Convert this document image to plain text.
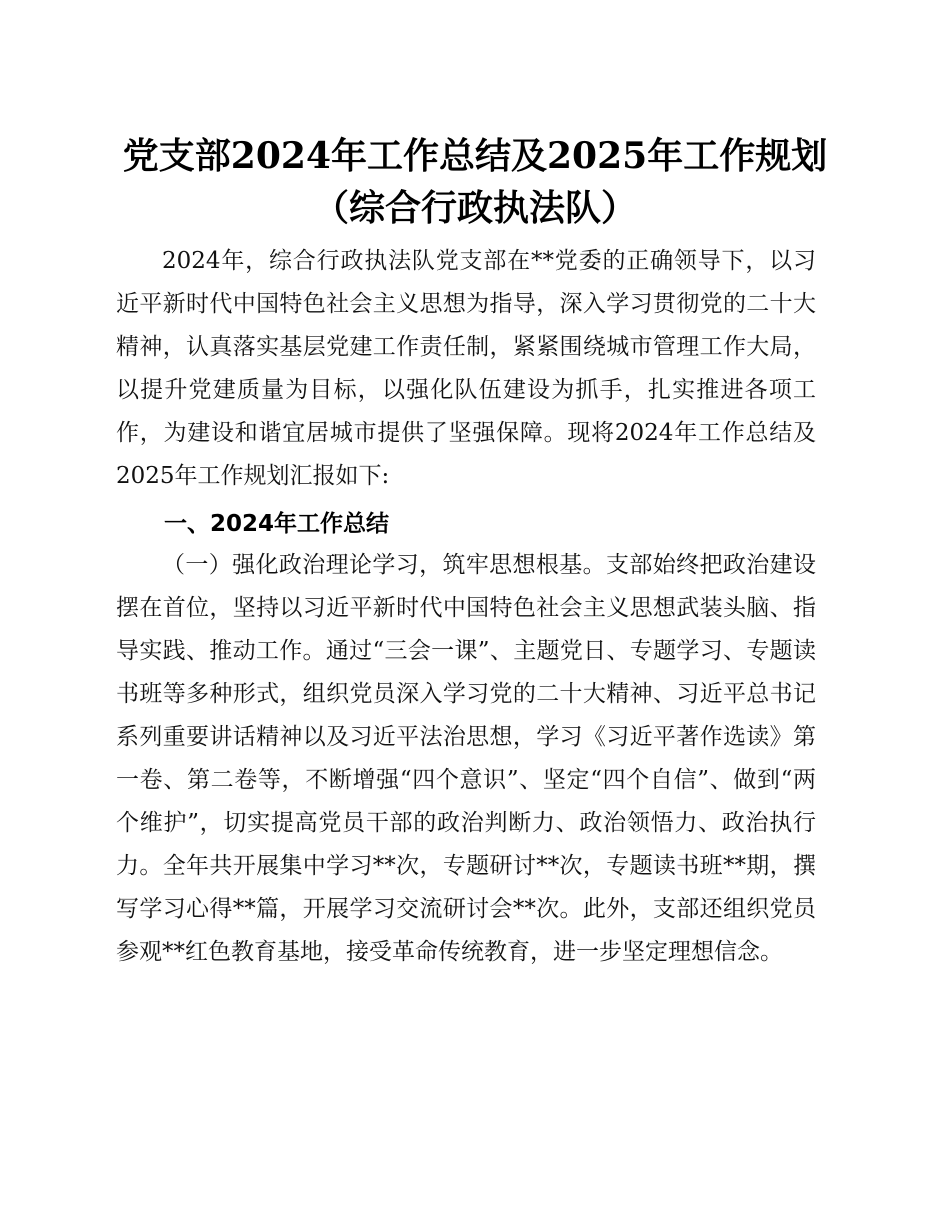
党支部2024年工作总结及2025年工作规划（综合行政执法队）

2024年，综合行政执法队党支部在**党委的正确领导下，以习近平新时代中国特色社会主义思想为指导，深入学习贯彻党的二十大精神，认真落实基层党建工作责任制，紧紧围绕城市管理工作大局，以提升党建质量为目标，以强化队伍建设为抓手，扎实推进各项工作，为建设和谐宜居城市提供了坚强保障。现将2024年工作总结及2025年工作规划汇报如下:

一、2024年工作总结

（一）强化政治理论学习，筑牢思想根基。支部始终把政治建设摆在首位，坚持以习近平新时代中国特色社会主义思想武装头脑、指导实践、推动工作。通过“三会一课”、主题党日、专题学习、专题读书班等多种形式，组织党员深入学习党的二十大精神、习近平总书记系列重要讲话精神以及习近平法治思想，学习《习近平著作选读》第一卷、第二卷等，不断增强“四个意识”、坚定“四个自信”、做到“两个维护”，切实提高党员干部的政治判断力、政治领悟力、政治执行力。全年共开展集中学习**次，专题研讨**次，专题读书班**期，撰写学习心得**篇，开展学习交流研讨会**次。此外，支部还组织党员参观**红色教育基地，接受革命传统教育，进一步坚定理想信念。
